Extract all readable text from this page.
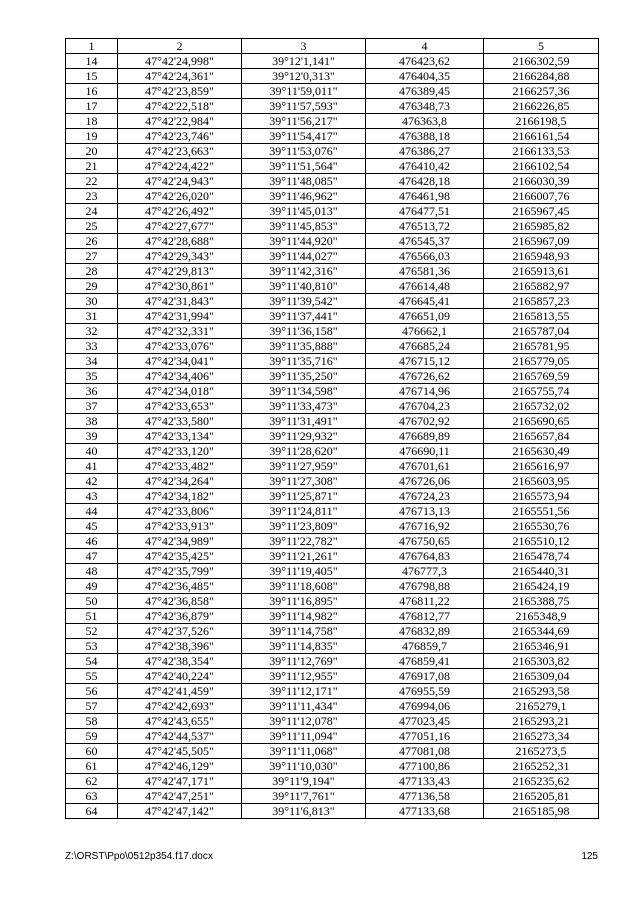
1	2	3	4	5
14	47°42'24,998"	39°12'1,141"	476423,62	2166302,59
15	47°42'24,361"	39°12'0,313"	476404,35	2166284,88
16	47°42'23,859"	39°11'59,011"	476389,45	2166257,36
17	47°42'22,518"	39°11'57,593"	476348,73	2166226,85
18	47°42'22,984"	39°11'56,217"	476363,8	2166198,5
19	47°42'23,746"	39°11'54,417"	476388,18	2166161,54
20	47°42'23,663"	39°11'53,076"	476386,27	2166133,53
21	47°42'24,422"	39°11'51,564"	476410,42	2166102,54
22	47°42'24,943"	39°11'48,085"	476428,18	2166030,39
23	47°42'26,020"	39°11'46,962"	476461,98	2166007,76
24	47°42'26,492"	39°11'45,013"	476477,51	2165967,45
25	47°42'27,677"	39°11'45,853"	476513,72	2165985,82
26	47°42'28,688"	39°11'44,920"	476545,37	2165967,09
27	47°42'29,343"	39°11'44,027"	476566,03	2165948,93
28	47°42'29,813"	39°11'42,316"	476581,36	2165913,61
29	47°42'30,861"	39°11'40,810"	476614,48	2165882,97
30	47°42'31,843"	39°11'39,542"	476645,41	2165857,23
31	47°42'31,994"	39°11'37,441"	476651,09	2165813,55
32	47°42'32,331"	39°11'36,158"	476662,1	2165787,04
33	47°42'33,076"	39°11'35,888"	476685,24	2165781,95
34	47°42'34,041"	39°11'35,716"	476715,12	2165779,05
35	47°42'34,406"	39°11'35,250"	476726,62	2165769,59
36	47°42'34,018"	39°11'34,598"	476714,96	2165755,74
37	47°42'33,653"	39°11'33,473"	476704,23	2165732,02
38	47°42'33,580"	39°11'31,491"	476702,92	2165690,65
39	47°42'33,134"	39°11'29,932"	476689,89	2165657,84
40	47°42'33,120"	39°11'28,620"	476690,11	2165630,49
41	47°42'33,482"	39°11'27,959"	476701,61	2165616,97
42	47°42'34,264"	39°11'27,308"	476726,06	2165603,95
43	47°42'34,182"	39°11'25,871"	476724,23	2165573,94
44	47°42'33,806"	39°11'24,811"	476713,13	2165551,56
45	47°42'33,913"	39°11'23,809"	476716,92	2165530,76
46	47°42'34,989"	39°11'22,782"	476750,65	2165510,12
47	47°42'35,425"	39°11'21,261"	476764,83	2165478,74
48	47°42'35,799"	39°11'19,405"	476777,3	2165440,31
49	47°42'36,485"	39°11'18,608"	476798,88	2165424,19
50	47°42'36,858"	39°11'16,895"	476811,22	2165388,75
51	47°42'36,879"	39°11'14,982"	476812,77	2165348,9
52	47°42'37,526"	39°11'14,758"	476832,89	2165344,69
53	47°42'38,396"	39°11'14,835"	476859,7	2165346,91
54	47°42'38,354"	39°11'12,769"	476859,41	2165303,82
55	47°42'40,224"	39°11'12,955"	476917,08	2165309,04
56	47°42'41,459"	39°11'12,171"	476955,59	2165293,58
57	47°42'42,693"	39°11'11,434"	476994,06	2165279,1
58	47°42'43,655"	39°11'12,078"	477023,45	2165293,21
59	47°42'44,537"	39°11'11,094"	477051,16	2165273,34
60	47°42'45,505"	39°11'11,068"	477081,08	2165273,5
61	47°42'46,129"	39°11'10,030"	477100,86	2165252,31
62	47°42'47,171"	39°11'9,194"	477133,43	2165235,62
63	47°42'47,251"	39°11'7,761"	477136,58	2165205,81
64	47°42'47,142"	39°11'6,813"	477133,68	2165185,98
Z:\ORST\Ppo\0512p354.f17.docx	125
